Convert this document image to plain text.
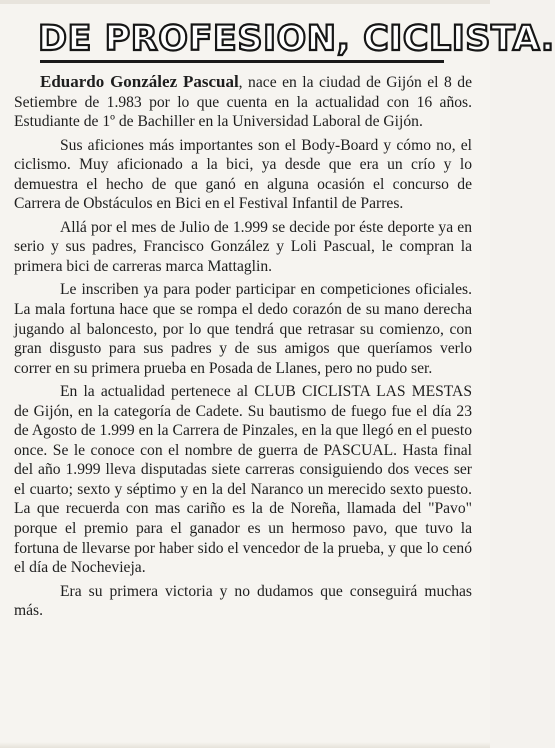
DE PROFESION, CICLISTA.

Eduardo González Pascual, nace en la ciudad de Gijón el 8 de Setiembre de 1.983 por lo que cuenta en la actualidad con 16 años. Estudiante de 1º de Bachiller en la Universidad Laboral de Gijón.

Sus aficiones más importantes son el Body-Board y cómo no, el ciclismo. Muy aficionado a la bici, ya desde que era un crío y lo demuestra el hecho de que ganó en alguna ocasión el concurso de Carrera de Obstáculos en Bici en el Festival Infantil de Parres.

Allá por el mes de Julio de 1.999 se decide por éste deporte ya en serio y sus padres, Francisco González y Loli Pascual, le compran la primera bici de carreras marca Mattaglin.

Le inscriben ya para poder participar en competiciones oficiales. La mala fortuna hace que se rompa el dedo corazón de su mano derecha jugando al baloncesto, por lo que tendrá que retrasar su comienzo, con gran disgusto para sus padres y de sus amigos que queríamos verlo correr en su primera prueba en Posada de Llanes, pero no pudo ser.

En la actualidad pertenece al CLUB CICLISTA LAS MESTAS de Gijón, en la categoría de Cadete. Su bautismo de fuego fue el día 23 de Agosto de 1.999 en la Carrera de Pinzales, en la que llegó en el puesto once. Se le conoce con el nombre de guerra de PASCUAL. Hasta final del año 1.999 lleva disputadas siete carreras consiguiendo dos veces ser el cuarto; sexto y séptimo y en la del Naranco un merecido sexto puesto. La que recuerda con mas cariño es la de Noreña, llamada del "Pavo" porque el premio para el ganador es un hermoso pavo, que tuvo la fortuna de llevarse por haber sido el vencedor de la prueba, y que lo cenó el día de Nochevieja.

Era su primera victoria y no dudamos que conseguirá muchas más.
